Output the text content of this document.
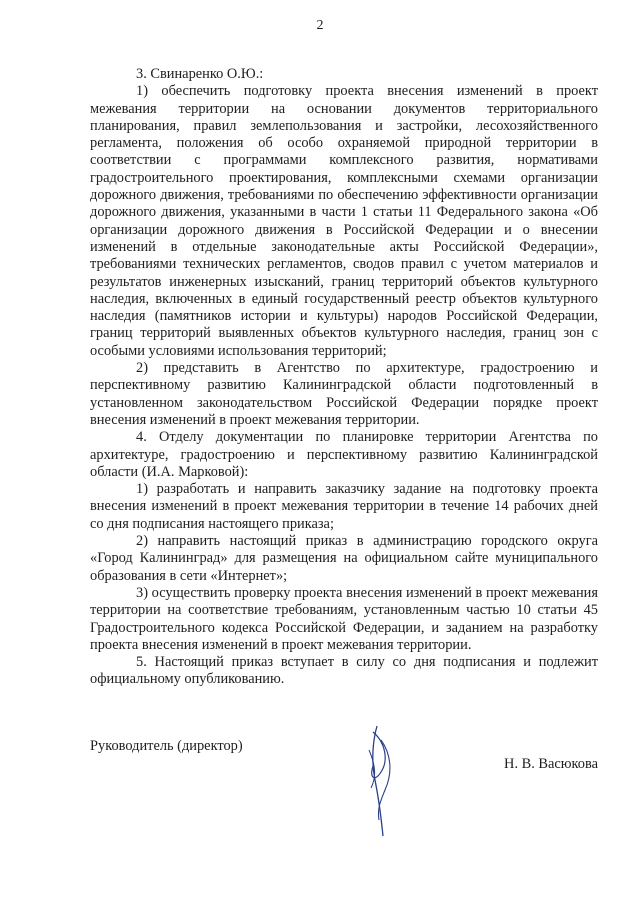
2

3. Свинаренко О.Ю.:

1) обеспечить подготовку проекта внесения изменений в проект межевания территории на основании документов территориального планирования, правил землепользования и застройки, лесохозяйственного регламента, положения об особо охраняемой природной территории в соответствии с программами комплексного развития, нормативами градостроительного проектирования, комплексными схемами организации дорожного движения, требованиями по обеспечению эффективности организации дорожного движения, указанными в части 1 статьи 11 Федерального закона «Об организации дорожного движения в Российской Федерации и о внесении изменений в отдельные законодательные акты Российской Федерации», требованиями технических регламентов, сводов правил с учетом материалов и результатов инженерных изысканий, границ территорий объектов культурного наследия, включенных в единый государственный реестр объектов культурного наследия (памятников истории и культуры) народов Российской Федерации, границ территорий выявленных объектов культурного наследия, границ зон с особыми условиями использования территорий;

2) представить в Агентство по архитектуре, градостроению и перспективному развитию Калининградской области подготовленный в установленном законодательством Российской Федерации порядке проект внесения изменений в проект межевания территории.

4. Отделу документации по планировке территории Агентства по архитектуре, градостроению и перспективному развитию Калининградской области (И.А. Марковой):

1) разработать и направить заказчику задание на подготовку проекта внесения изменений в проект межевания территории в течение 14 рабочих дней со дня подписания настоящего приказа;

2) направить настоящий приказ в администрацию городского округа «Город Калининград» для размещения на официальном сайте муниципального образования в сети «Интернет»;

3) осуществить проверку проекта внесения изменений в проект межевания территории на соответствие требованиям, установленным частью 10 статьи 45 Градостроительного кодекса Российской Федерации, и заданием на разработку проекта внесения изменений в проект межевания территории.

5. Настоящий приказ вступает в силу со дня подписания и подлежит официальному опубликованию.

Руководитель (директор)
Н. В. Васюкова
